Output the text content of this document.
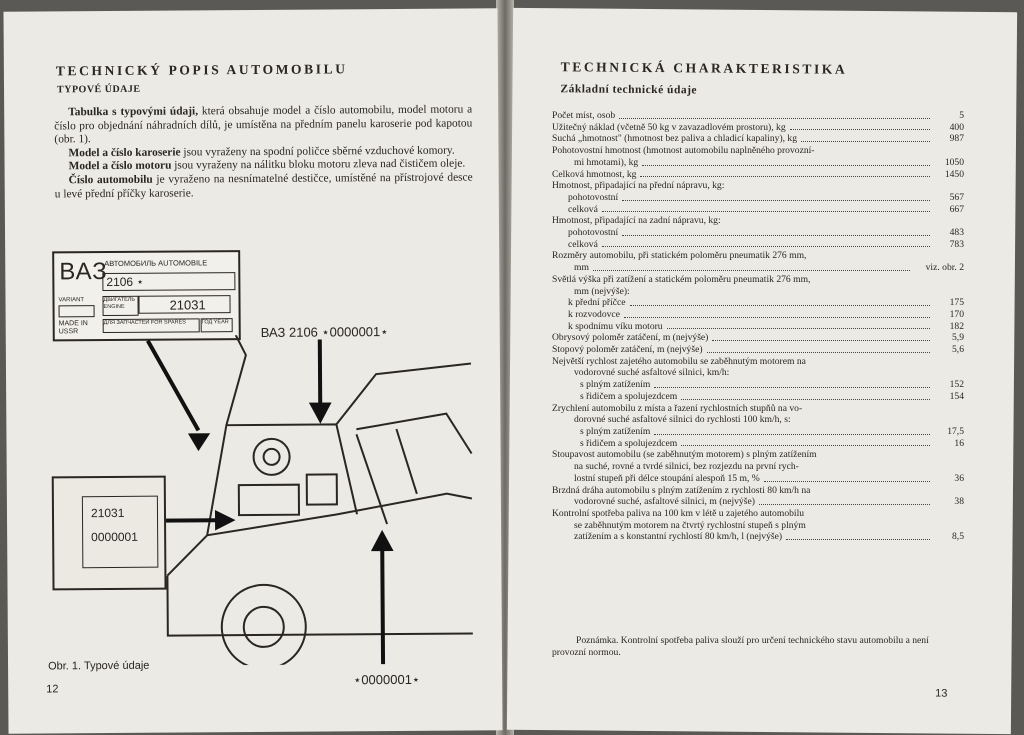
TECHNICKÝ POPIS AUTOMOBILU
TYPOVÉ ÚDAJE

Tabulka s typovými údaji, která obsahuje model a číslo automobilu, model motoru a číslo pro objednání náhradních dílů, je umístěna na předním panelu karoserie pod kapotou (obr. 1).

Model a číslo karoserie jsou vyraženy na spodní poličce sběrné vzduchové komory.

Model a číslo motoru jsou vyraženy na nálitku bloku motoru zleva nad čističem oleje.

Číslo automobilu je vyraženo na nesnímatelné destičce, umístěné na přístrojové desce u levé přední příčky karoserie.

ВАЗ
АВТОМОБИЛЬ AUTOMOBILE
2106 ⋆
VARIANT	ДВИГАТЕЛЬ ENGINE	21031
MADE IN USSR
ДЛЯ ЗАПЧАСТЕЙ FOR SPARES	ГОД YEAR
ВАЗ 2106 ⋆0000001⋆
21031
0000001
⋆0000001⋆
Obr. 1. Typové údaje
12
TECHNICKÁ CHARAKTERISTIKA
Základní technické údaje
13
Počet míst, osob	5
Užitečný náklad (včetně 50 kg v zavazadlovém prostoru), kg	400
Suchá „hmotnost" (hmotnost bez paliva a chladicí kapaliny), kg	987
Pohotovostní hmotnost (hmotnost automobilu naplněného provozní-
mi hmotami), kg	1050
Celková hmotnost, kg	1450
Hmotnost, připadající na přední nápravu, kg:
pohotovostní	567
celková	667
Hmotnost, připadající na zadní nápravu, kg:
pohotovostní	483
celková	783
Rozměry automobilu, při statickém poloměru pneumatik 276 mm,
mm	viz. obr. 2
Světlá výška při zatížení a statickém poloměru pneumatik 276 mm,
mm (nejvýše):
k přední příčce	175
k rozvodovce	170
k spodnímu víku motoru	182
Obrysový poloměr zatáčení, m (nejvýše)	5,9
Stopový poloměr zatáčení, m (nejvýše)	5,6
Největší rychlost zajetého automobilu se zaběhnutým motorem na
vodorovné suché asfaltové silnici, km/h:
s plným zatížením	152
s řidičem a spolujezdcem	154
Zrychlení automobilu z místa a řazení rychlostních stupňů na vo-
dorovné suché asfaltové silnici do rychlosti 100 km/h, s:
s plným zatížením	17,5
s řidičem a spolujezdcem	16
Stoupavost automobilu (se zaběhnutým motorem) s plným zatížením
na suché, rovné a tvrdé silnici, bez rozjezdu na první rych-
lostní stupeň při délce stoupání alespoň 15 m, %	36
Brzdná dráha automobilu s plným zatížením z rychlosti 80 km/h na
vodorovné suché, asfaltové silnici, m (nejvýše)	38
Kontrolní spotřeba paliva na 100 km v létě u zajetého automobilu
se zaběhnutým motorem na čtvrtý rychlostní stupeň s plným
zatížením a s konstantní rychlostí 80 km/h, l (nejvýše)	8,5
Poznámka. Kontrolní spotřeba paliva slouží pro určení technického stavu automobilu a není provozní normou.
